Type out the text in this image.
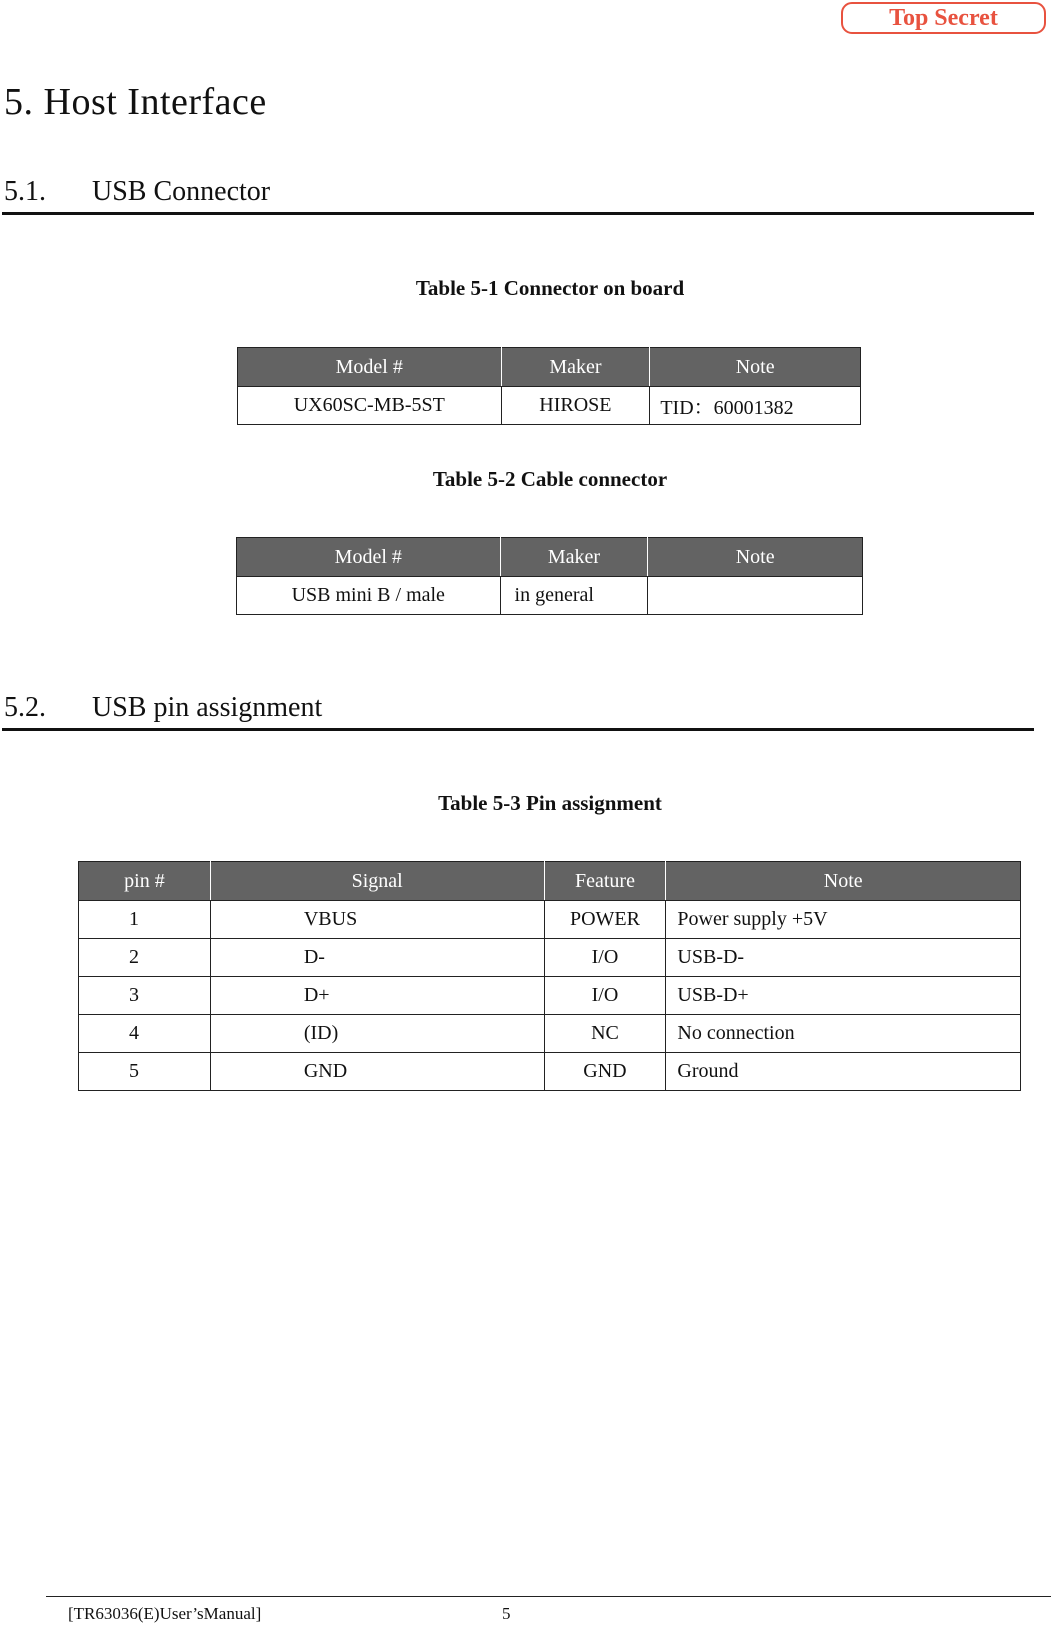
Top Secret
5. Host Interface
5.1. USB Connector
Table 5-1 Connector on board
Model #	Maker	Note
UX60SC-MB-5ST	HIROSE	TID：60001382
Table 5-2 Cable connector
Model #	Maker	Note
USB mini B / male	in general	
5.2. USB pin assignment
Table 5-3 Pin assignment
pin #	Signal	Feature	Note
1	VBUS	POWER	Power supply +5V
2	D-	I/O	USB-D-
3	D+	I/O	USB-D+
4	(ID)	NC	No connection
5	GND	GND	Ground
[TR63036(E)User’sManual]	5
